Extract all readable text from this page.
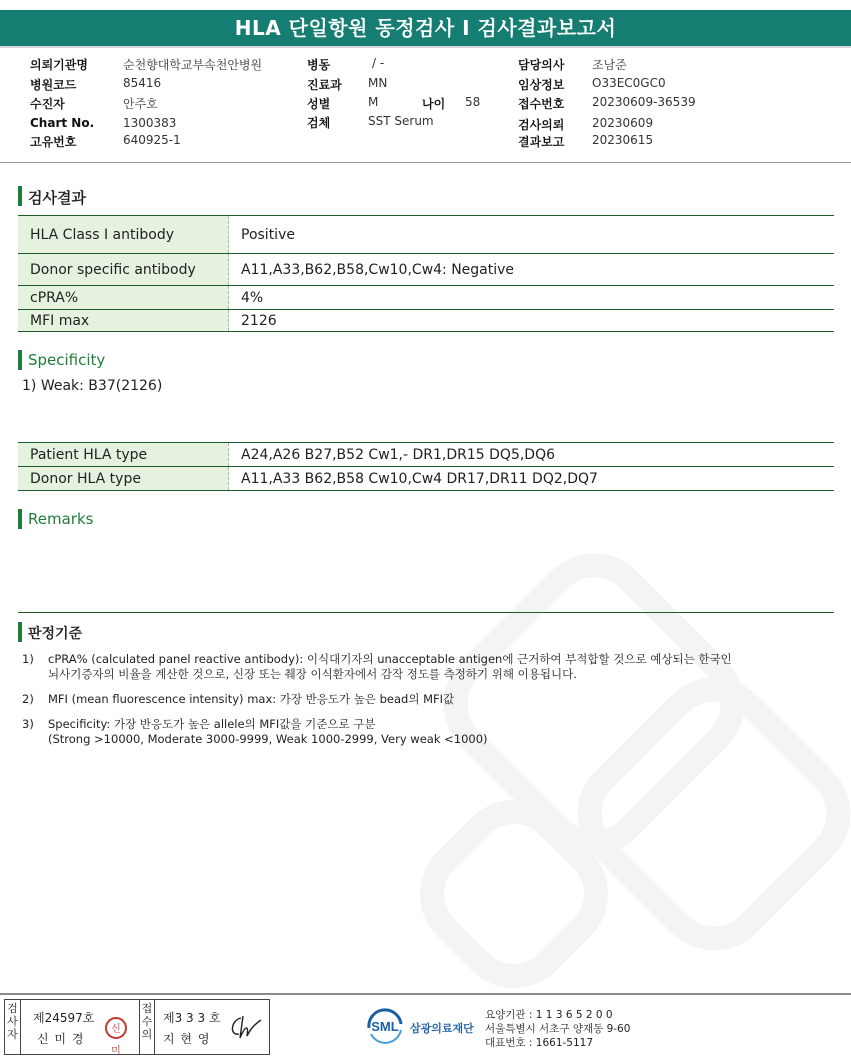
HLA 단일항원 동정검사 I 검사결과보고서
의뢰기관명	순천향대학교부속천안병원
병원코드	85416
수진자	안주호
Chart No. 1300383
고유번호	640925-1
병동	/ -
진료과 MN
성별	M	나이 58
검체	SST Serum
담당의사 조남준
임상정보 O33EC0GC0
접수번호 20230609-36539
검사의뢰 20230609
결과보고 20230615
검사결과
HLA Class I antibody	Positive
Donor specific antibody	A11,A33,B62,B58,Cw10,Cw4: Negative
cPRA%	4%
MFI max	2126
Specificity
1) Weak: B37(2126)
Patient HLA type	A24,A26 B27,B52 Cw1,- DR1,DR15 DQ5,DQ6
Donor HLA type	A11,A33 B62,B58 Cw10,Cw4 DR17,DR11 DQ2,DQ7
Remarks
판정기준
1) cPRA% (calculated panel reactive antibody): 이식대기자의 unacceptable antigen에 근거하여 부적합할 것으로 예상되는 한국인
뇌사기증자의 비율을 계산한 것으로, 신장 또는 췌장 이식환자에서 감작 정도를 측정하기 위해 이용됩니다.
2) MFI (mean fluorescence intensity) max: 가장 반응도가 높은 bead의 MFI값
3) Specificity: 가장 반응도가 높은 allele의 MFI값을 기준으로 구분
(Strong >10000, Moderate 3000-9999, Weak 1000-2999, Very weak <1000)
검사자
제24597호
신 미 경
신미
접수의
제3 3 3 호
지 현 영
SML 삼광의료재단
요양기관 : 1 1 3 6 5 2 0 0
서울특별시 서초구 양재동 9-60
대표번호 : 1661-5117
